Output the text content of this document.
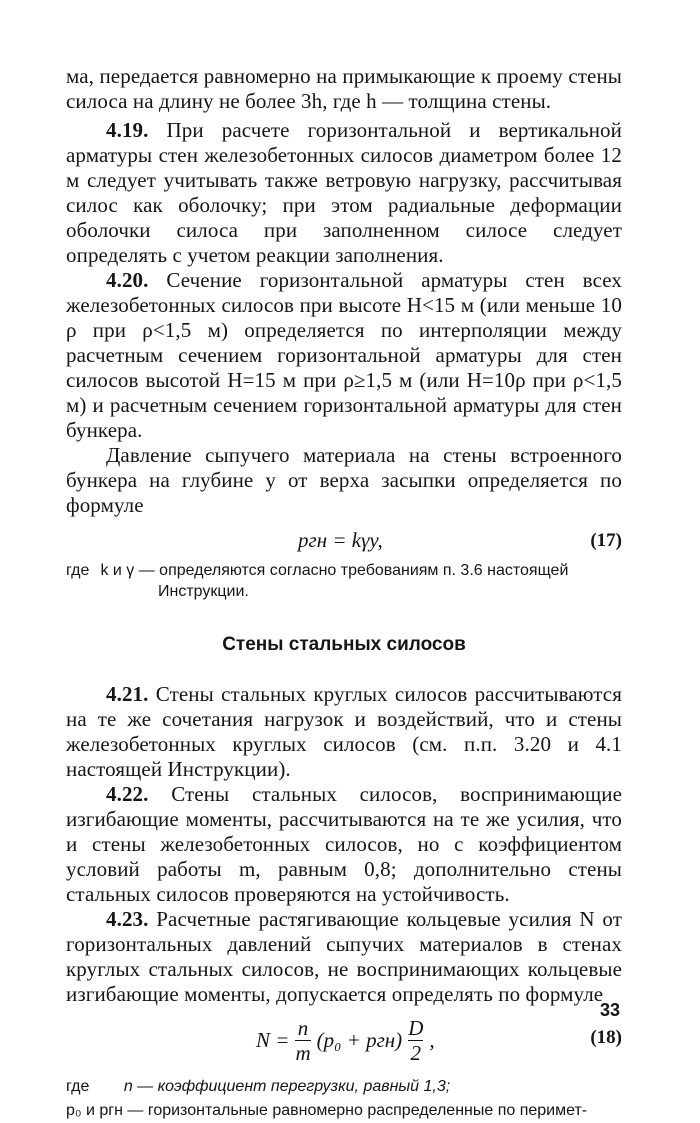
ма, передается равномерно на примыкающие к проему стены силоса на длину не более 3h, где h — толщина стены.

4.19. При расчете горизонтальной и вертикальной арматуры стен железобетонных силосов диаметром более 12 м следует учитывать также ветровую нагрузку, рассчитывая силос как оболочку; при этом радиальные деформации оболочки силоса при заполненном силосе следует определять с учетом реакции заполнения.

4.20. Сечение горизонтальной арматуры стен всех железобетонных силосов при высоте H<15 м (или меньше 10 ρ при ρ<1,5 м) определяется по интерполяции между расчетным сечением горизонтальной арматуры для стен силосов высотой H=15 м при ρ≥1,5 м (или H=10ρ при ρ<1,5 м) и расчетным сечением горизонтальной арматуры для стен бункера.

Давление сыпучего материала на стены встроенного бункера на глубине y от верха засыпки определяется по формуле

pгн = kγy,	(17)

где k и γ — определяются согласно требованиям п. 3.6 настоящей

Инструкции.

Стены стальных силосов

4.21. Стены стальных круглых силосов рассчитываются на те же сочетания нагрузок и воздействий, что и стены железобетонных круглых силосов (см. п.п. 3.20 и 4.1 настоящей Инструкции).

4.22. Стены стальных силосов, воспринимающие изгибающие моменты, рассчитываются на те же усилия, что и стены железобетонных силосов, но с коэффициентом условий работы m, равным 0,8; дополнительно стены стальных силосов проверяются на устойчивость.

4.23. Расчетные растягивающие кольцевые усилия N от горизонтальных давлений сыпучих материалов в стенах круглых стальных силосов, не воспринимающих кольцевые изгибающие моменты, допускается определять по формуле

$N = \frac{n}{m} (p_0 + pгн) \frac{D}{2}$ ,	(18)

где n — коэффициент перегрузки, равный 1,3;

p₀ и pгн — горизонтальные равномерно распределенные по перимет-

33
